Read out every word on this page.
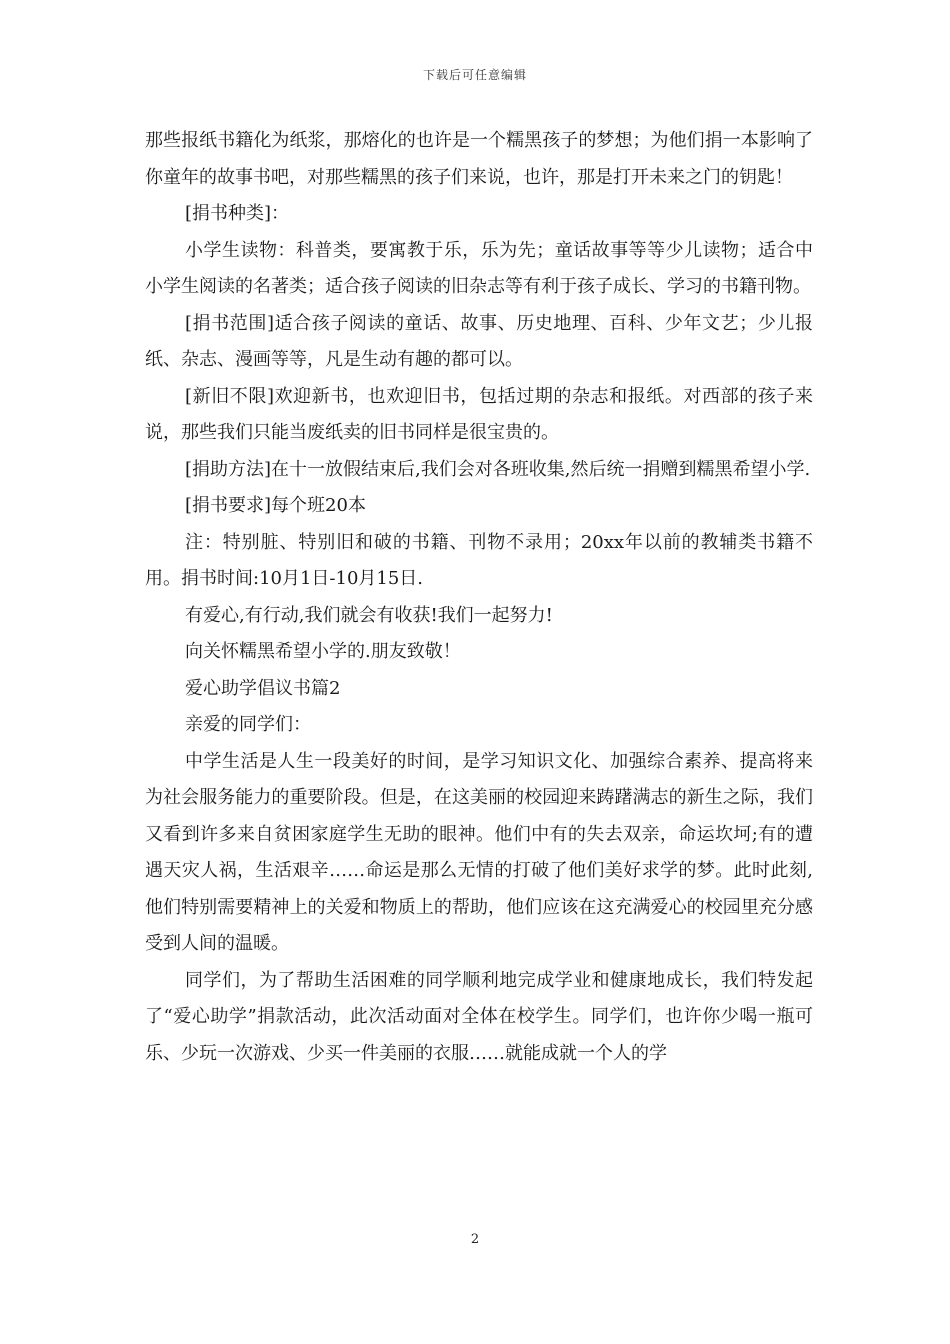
下载后可任意编辑

那些报纸书籍化为纸浆，那熔化的也许是一个糯黑孩子的梦想；为他们捐一本影响了你童年的故事书吧，对那些糯黑的孩子们来说，也许，那是打开未来之门的钥匙！

[捐书种类]：

小学生读物：科普类，要寓教于乐，乐为先；童话故事等等少儿读物；适合中小学生阅读的名著类；适合孩子阅读的旧杂志等有利于孩子成长、学习的书籍刊物。

[捐书范围]适合孩子阅读的童话、故事、历史地理、百科、少年文艺；少儿报纸、杂志、漫画等等，凡是生动有趣的都可以。

[新旧不限]欢迎新书，也欢迎旧书，包括过期的杂志和报纸。对西部的孩子来说，那些我们只能当废纸卖的旧书同样是很宝贵的。

[捐助方法]在十一放假结束后,我们会对各班收集,然后统一捐赠到糯黑希望小学.

[捐书要求]每个班20本

注：特别脏、特别旧和破的书籍、刊物不录用；20xx年以前的教辅类书籍不用。捐书时间:10月1日-10月15日.

有爱心,有行动,我们就会有收获!我们一起努力!

向关怀糯黑希望小学的.朋友致敬！

爱心助学倡议书篇2

亲爱的同学们：

中学生活是人生一段美好的时间，是学习知识文化、加强综合素养、提高将来为社会服务能力的重要阶段。但是，在这美丽的校园迎来踌躇满志的新生之际，我们又看到许多来自贫困家庭学生无助的眼神。他们中有的失去双亲，命运坎坷;有的遭遇天灾人祸，生活艰辛……命运是那么无情的打破了他们美好求学的梦。此时此刻,他们特别需要精神上的关爱和物质上的帮助，他们应该在这充满爱心的校园里充分感受到人间的温暖。

同学们，为了帮助生活困难的同学顺利地完成学业和健康地成长，我们特发起了“爱心助学”捐款活动，此次活动面对全体在校学生。同学们，也许你少喝一瓶可乐、少玩一次游戏、少买一件美丽的衣服……就能成就一个人的学

2
